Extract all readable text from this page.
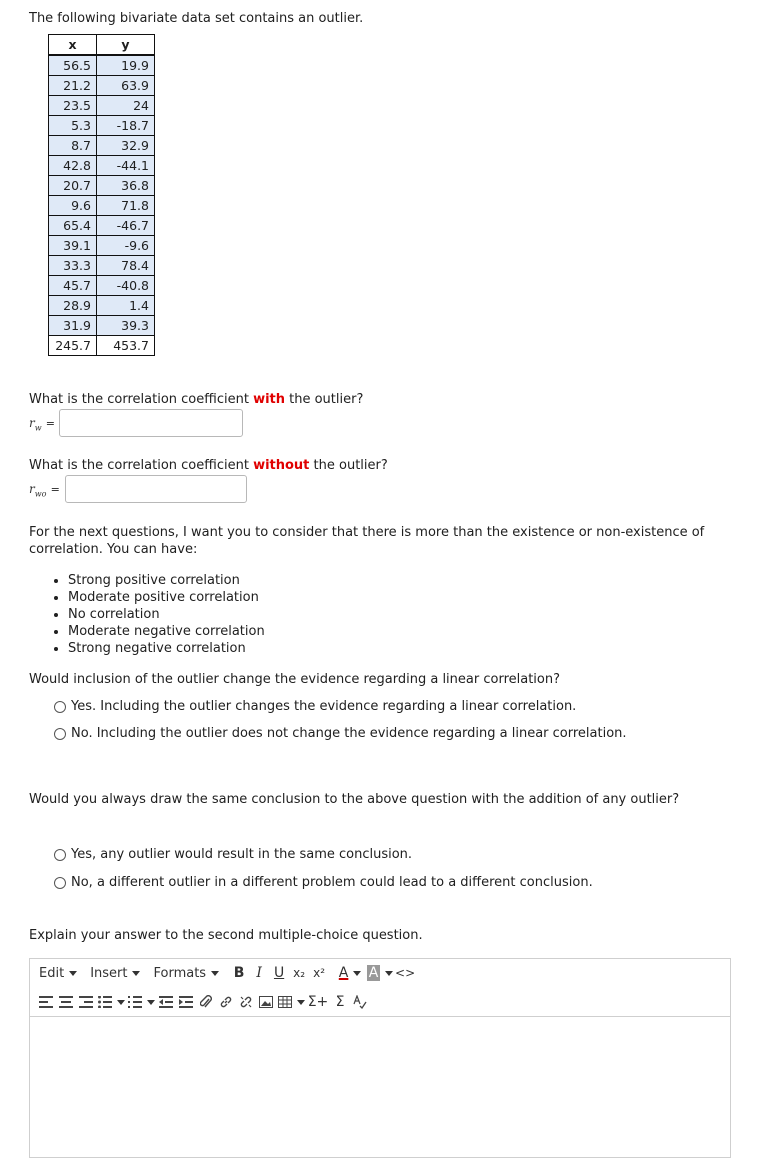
The following bivariate data set contains an outlier.
x	y
56.5	19.9
21.2	63.9
23.5	24
5.3	-18.7
8.7	32.9
42.8	-44.1
20.7	36.8
9.6	71.8
65.4	-46.7
39.1	-9.6
33.3	78.4
45.7	-40.8
28.9	1.4
31.9	39.3
245.7	453.7
What is the correlation coefficient with the outlier?
$r_w$ =
What is the correlation coefficient without the outlier?
$r_{wo}$ =
For the next questions, I want you to consider that there is more than the existence or non-existence of correlation. You can have:
• Strong positive correlation
• Moderate positive correlation
• No correlation
• Moderate negative correlation
• Strong negative correlation
Would inclusion of the outlier change the evidence regarding a linear correlation?
Yes. Including the outlier changes the evidence regarding a linear correlation.
No. Including the outlier does not change the evidence regarding a linear correlation.
Would you always draw the same conclusion to the above question with the addition of any outlier?
Yes, any outlier would result in the same conclusion.
No, a different outlier in a different problem could lead to a different conclusion.
Explain your answer to the second multiple-choice question.
Edit Insert Formats	B I U x₂ x² A A <>
Σ+ Σ
